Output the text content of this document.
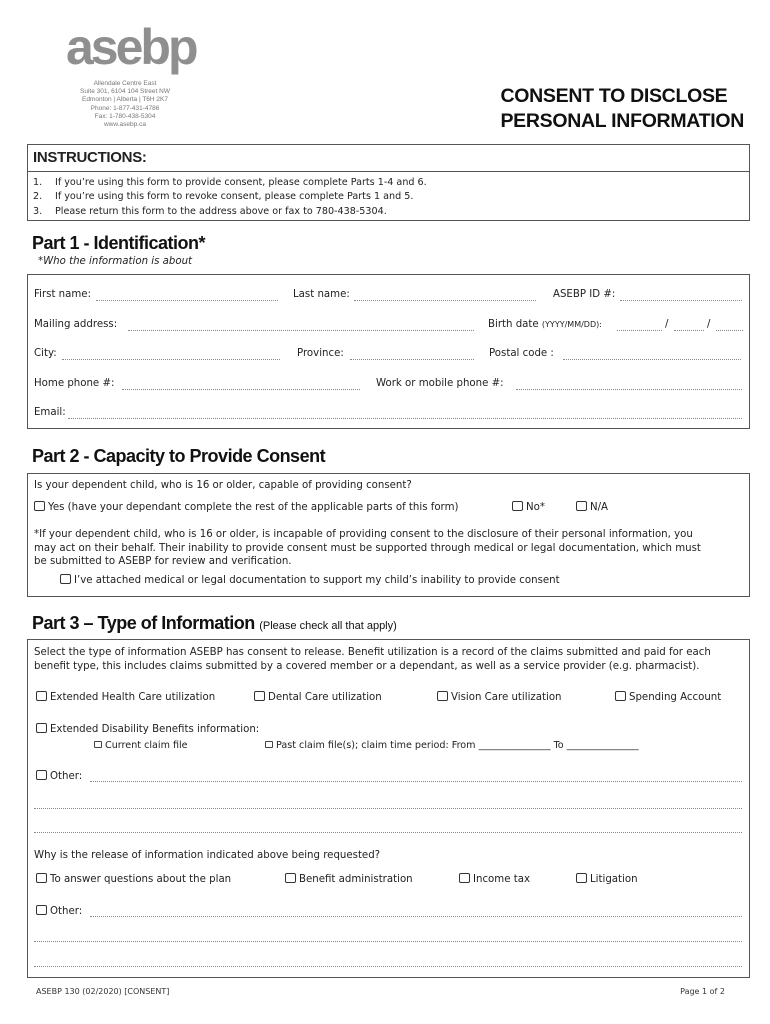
asebp
Allendale Centre East
Suite 301, 6104 104 Street NW
Edmonton | Alberta | T6H 2K7
Phone: 1-877-431-4786
Fax: 1-780-438-5304
www.asebp.ca
CONSENT TO DISCLOSE
PERSONAL INFORMATION
INSTRUCTIONS:
1. If you’re using this form to provide consent, please complete Parts 1-4 and 6.
2. If you’re using this form to revoke consent, please complete Parts 1 and 5.
3. Please return this form to the address above or fax to 780-438-5304.
Part 1 - Identification*
*Who the information is about
First name:	Last name:	ASEBP ID #:
Mailing address:	Birth date (YYYY/MM/DD):	/	/
City:	Province:	Postal code :
Home phone #:	Work or mobile phone #:
Email:
Part 2 - Capacity to Provide Consent
Is your dependent child, who is 16 or older, capable of providing consent?
Yes (have your dependant complete the rest of the applicable parts of this form)	No*	N/A
*If your dependent child, who is 16 or older, is incapable of providing consent to the disclosure of their personal information, you
may act on their behalf. Their inability to provide consent must be supported through medical or legal documentation, which must
be submitted to ASEBP for review and verification.
I’ve attached medical or legal documentation to support my child’s inability to provide consent
Part 3 – Type of Information (Please check all that apply)
Select the type of information ASEBP has consent to release. Benefit utilization is a record of the claims submitted and paid for each
benefit type, this includes claims submitted by a covered member or a dependant, as well as a service provider (e.g. pharmacist).
Extended Health Care utilization	Dental Care utilization	Vision Care utilization	Spending Account
Extended Disability Benefits information:
Current claim file	Past claim file(s); claim time period: From _______________ To _______________
Other:
Why is the release of information indicated above being requested?
To answer questions about the plan	Benefit administration	Income tax	Litigation
Other:
ASEBP 130 (02/2020) [CONSENT]	Page 1 of 2
